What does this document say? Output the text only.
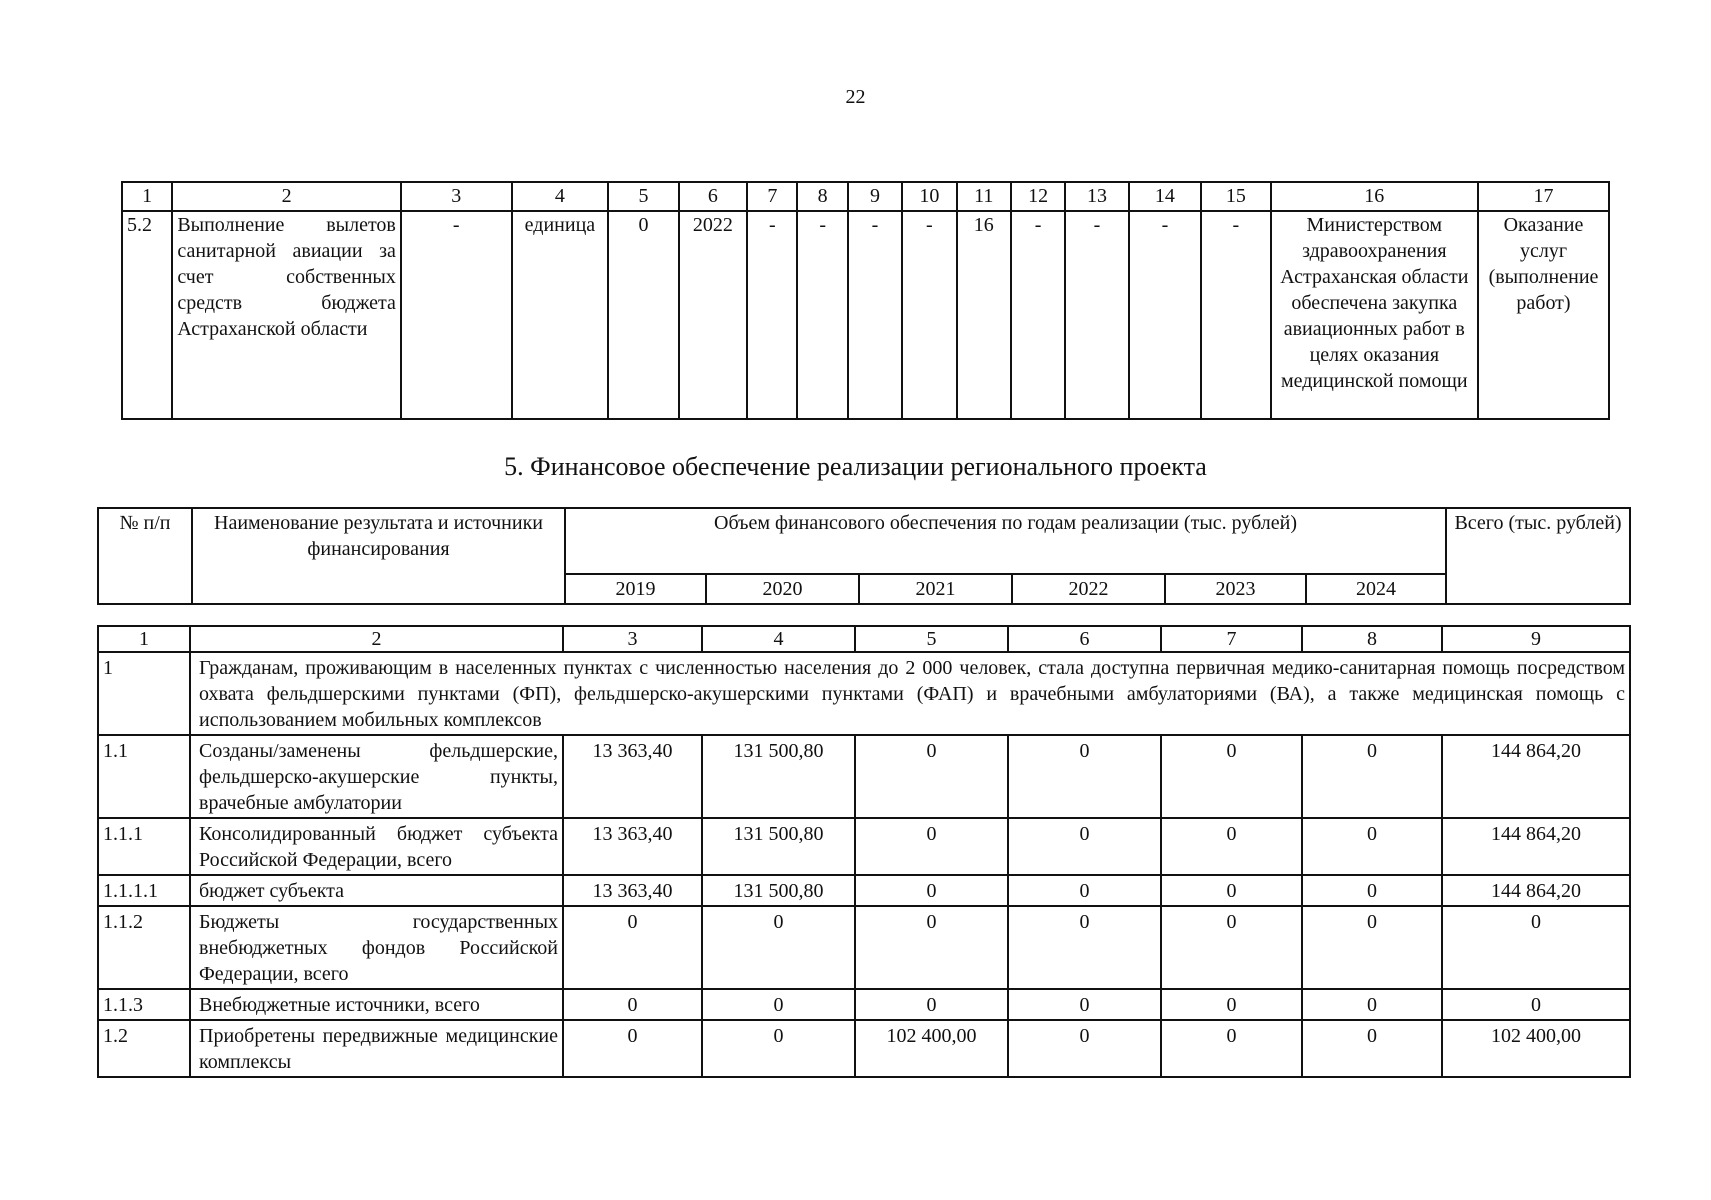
22
1	2	3	4	5	6	7	8	9	10	11	12	13	14	15	16	17
5.2	Выполнение вылетов санитарной авиации за счет собственных средств бюджета Астраханской области	-	единица	0	2022	-	-	-	-	16	-	-	-	-	Министерством здравоохранения Астраханская области обеспечена закупка авиационных работ в целях оказания медицинской помощи	Оказание услуг (выполнение работ)
5. Финансовое обеспечение реализации регионального проекта
№ п/п	Наименование результата и источники финансирования	Объем финансового обеспечения по годам реализации (тыс. рублей)						Всего (тыс. рублей)
		2019	2020	2021	2022	2023	2024	
1	2	3	4	5	6	7	8	9
1	Гражданам, проживающим в населенных пунктах с численностью населения до 2 000 человек, стала доступна первичная медико-санитарная помощь посредством охвата фельдшерскими пунктами (ФП), фельдшерско-акушерскими пунктами (ФАП) и врачебными амбулаториями (ВА), а также медицинская помощь с использованием мобильных комплексов							
1.1	Созданы/заменены фельдшерские, фельдшерско-акушерские пункты, врачебные амбулатории	13 363,40	131 500,80	0	0	0	0	144 864,20
1.1.1	Консолидированный бюджет субъекта Российской Федерации, всего	13 363,40	131 500,80	0	0	0	0	144 864,20
1.1.1.1	бюджет субъекта	13 363,40	131 500,80	0	0	0	0	144 864,20
1.1.2	Бюджеты государственных внебюджетных фондов Российской Федерации, всего	0	0	0	0	0	0	0
1.1.3	Внебюджетные источники, всего	0	0	0	0	0	0	0
1.2	Приобретены передвижные медицинские комплексы	0	0	102 400,00	0	0	0	102 400,00
